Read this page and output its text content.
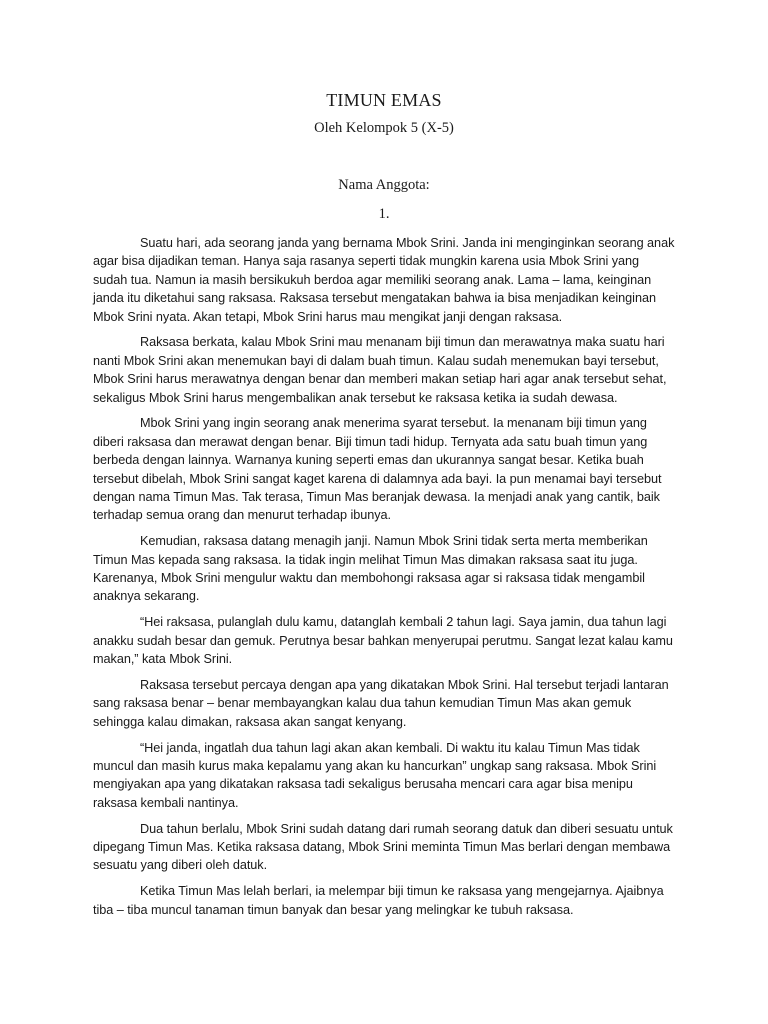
TIMUN EMAS
Oleh Kelompok 5 (X-5)
Nama Anggota:
1.

Suatu hari, ada seorang janda yang bernama Mbok Srini. Janda ini menginginkan seorang anak agar bisa dijadikan teman. Hanya saja rasanya seperti tidak mungkin karena usia Mbok Srini yang sudah tua. Namun ia masih bersikukuh berdoa agar memiliki seorang anak. Lama – lama, keinginan janda itu diketahui sang raksasa. Raksasa tersebut mengatakan bahwa ia bisa menjadikan keinginan Mbok Srini nyata. Akan tetapi, Mbok Srini harus mau mengikat janji dengan raksasa.

Raksasa berkata, kalau Mbok Srini mau menanam biji timun dan merawatnya maka suatu hari nanti Mbok Srini akan menemukan bayi di dalam buah timun. Kalau sudah menemukan bayi tersebut, Mbok Srini harus merawatnya dengan benar dan memberi makan setiap hari agar anak tersebut sehat, sekaligus Mbok Srini harus mengembalikan anak tersebut ke raksasa ketika ia sudah dewasa.

Mbok Srini yang ingin seorang anak menerima syarat tersebut. Ia menanam biji timun yang diberi raksasa dan merawat dengan benar. Biji timun tadi hidup. Ternyata ada satu buah timun yang berbeda dengan lainnya. Warnanya kuning seperti emas dan ukurannya sangat besar. Ketika buah tersebut dibelah, Mbok Srini sangat kaget karena di dalamnya ada bayi. Ia pun menamai bayi tersebut dengan nama Timun Mas. Tak terasa, Timun Mas beranjak dewasa. Ia menjadi anak yang cantik, baik terhadap semua orang dan menurut terhadap ibunya.

Kemudian, raksasa datang menagih janji. Namun Mbok Srini tidak serta merta memberikan Timun Mas kepada sang raksasa. Ia tidak ingin melihat Timun Mas dimakan raksasa saat itu juga. Karenanya, Mbok Srini mengulur waktu dan membohongi raksasa agar si raksasa tidak mengambil anaknya sekarang.

“Hei raksasa, pulanglah dulu kamu, datanglah kembali 2 tahun lagi. Saya jamin, dua tahun lagi anakku sudah besar dan gemuk. Perutnya besar bahkan menyerupai perutmu. Sangat lezat kalau kamu makan,” kata Mbok Srini.

Raksasa tersebut percaya dengan apa yang dikatakan Mbok Srini. Hal tersebut terjadi lantaran sang raksasa benar – benar membayangkan kalau dua tahun kemudian Timun Mas akan gemuk sehingga kalau dimakan, raksasa akan sangat kenyang.

“Hei janda, ingatlah dua tahun lagi akan akan kembali. Di waktu itu kalau Timun Mas tidak muncul dan masih kurus maka kepalamu yang akan ku hancurkan” ungkap sang raksasa. Mbok Srini mengiyakan apa yang dikatakan raksasa tadi sekaligus berusaha mencari cara agar bisa menipu raksasa kembali nantinya.

Dua tahun berlalu, Mbok Srini sudah datang dari rumah seorang datuk dan diberi sesuatu untuk dipegang Timun Mas. Ketika raksasa datang, Mbok Srini meminta Timun Mas berlari dengan membawa sesuatu yang diberi oleh datuk.

Ketika Timun Mas lelah berlari, ia melempar biji timun ke raksasa yang mengejarnya. Ajaibnya tiba – tiba muncul tanaman timun banyak dan besar yang melingkar ke tubuh raksasa.
